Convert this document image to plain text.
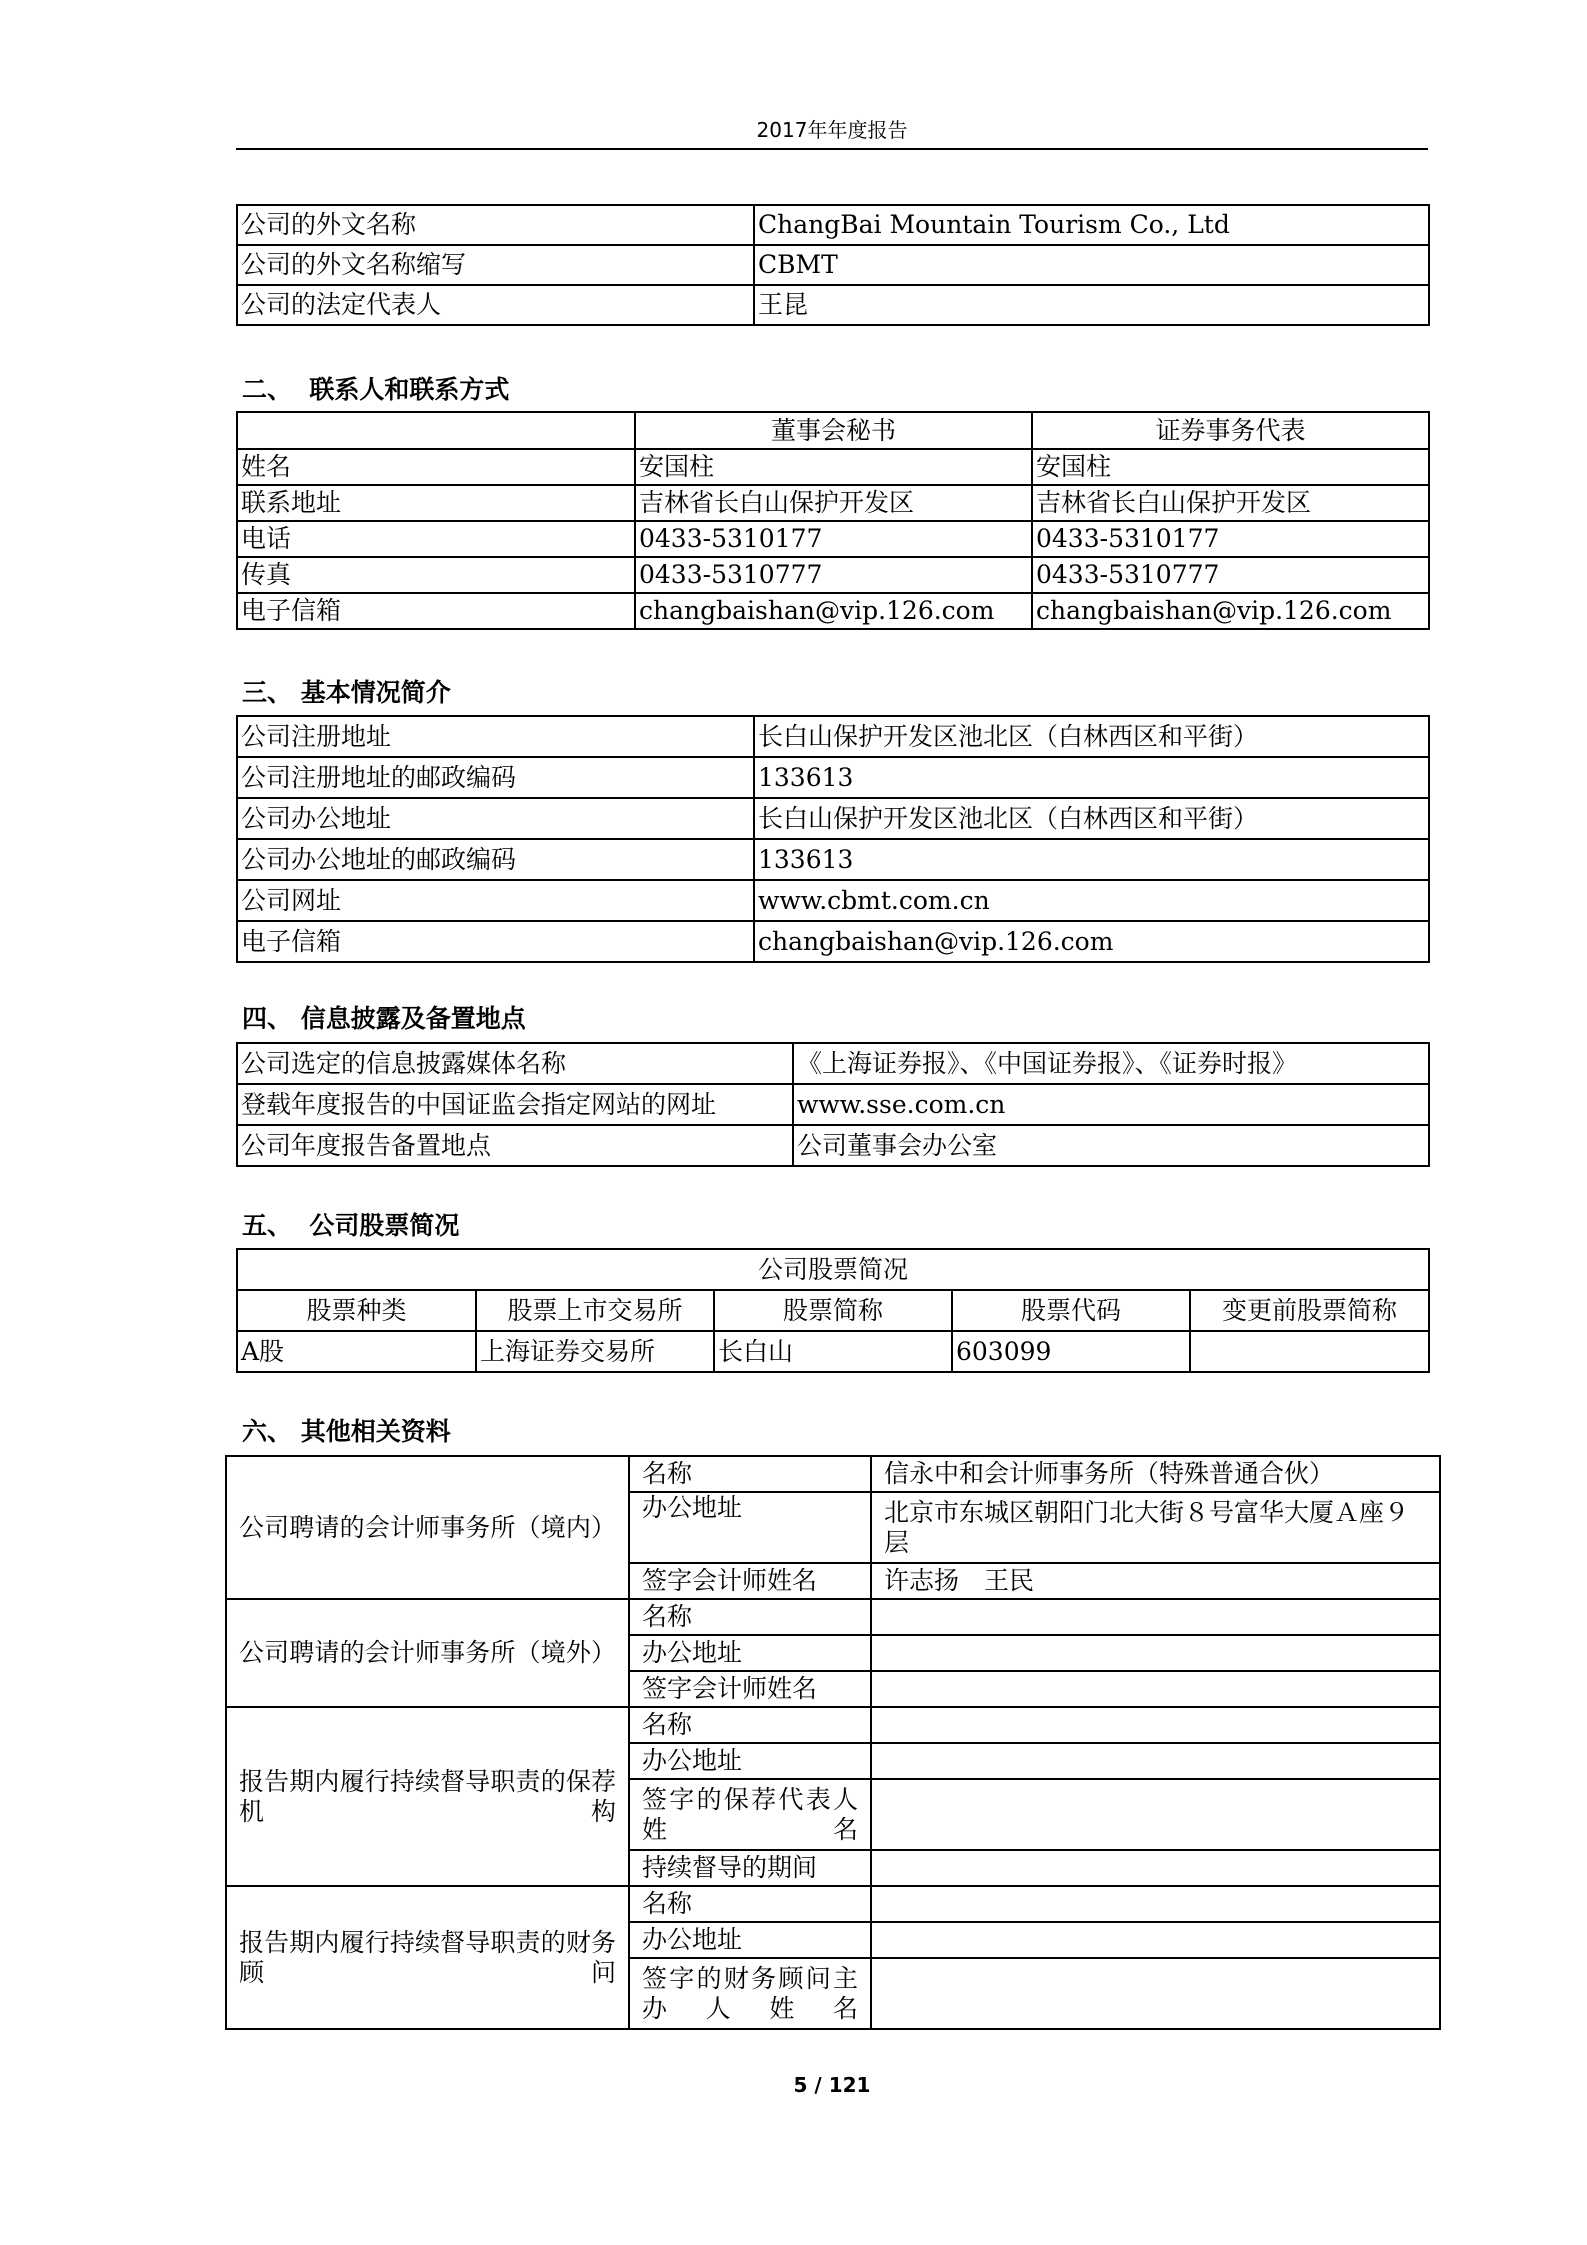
2017年年度报告
公司的外文名称	ChangBai Mountain Tourism Co., Ltd
公司的外文名称缩写	CBMT
公司的法定代表人	王昆
二、  联系人和联系方式
	董事会秘书	证券事务代表
姓名	安国柱	安国柱
联系地址	吉林省长白山保护开发区	吉林省长白山保护开发区
电话	0433-5310177	0433-5310177
传真	0433-5310777	0433-5310777
电子信箱	changbaishan@vip.126.com	changbaishan@vip.126.com
三、 基本情况简介
公司注册地址	长白山保护开发区池北区（白林西区和平街）
公司注册地址的邮政编码	133613
公司办公地址	长白山保护开发区池北区（白林西区和平街）
公司办公地址的邮政编码	133613
公司网址	www.cbmt.com.cn
电子信箱	changbaishan@vip.126.com
四、 信息披露及备置地点
公司选定的信息披露媒体名称	《上海证券报》、《中国证券报》、《证券时报》
登载年度报告的中国证监会指定网站的网址	www.sse.com.cn
公司年度报告备置地点	公司董事会办公室
五、  公司股票简况
公司股票简况				
股票种类	股票上市交易所	股票简称	股票代码	变更前股票简称
A股	上海证券交易所	长白山	603099	
六、 其他相关资料
公司聘请的会计师事务所（境内）	名称	信永中和会计师事务所（特殊普通合伙）
	办公地址	北京市东城区朝阳门北大街８号富华大厦Ａ座９层
	签字会计师姓名	许志扬　王民
公司聘请的会计师事务所（境外）	名称	
	办公地址	
	签字会计师姓名	
报告期内履行持续督导职责的保荐机构	名称	
	办公地址	
	签字的保荐代表人姓名	
	持续督导的期间	
报告期内履行持续督导职责的财务顾问	名称	
	办公地址	
	签字的财务顾问主办人姓名	
5 / 121
